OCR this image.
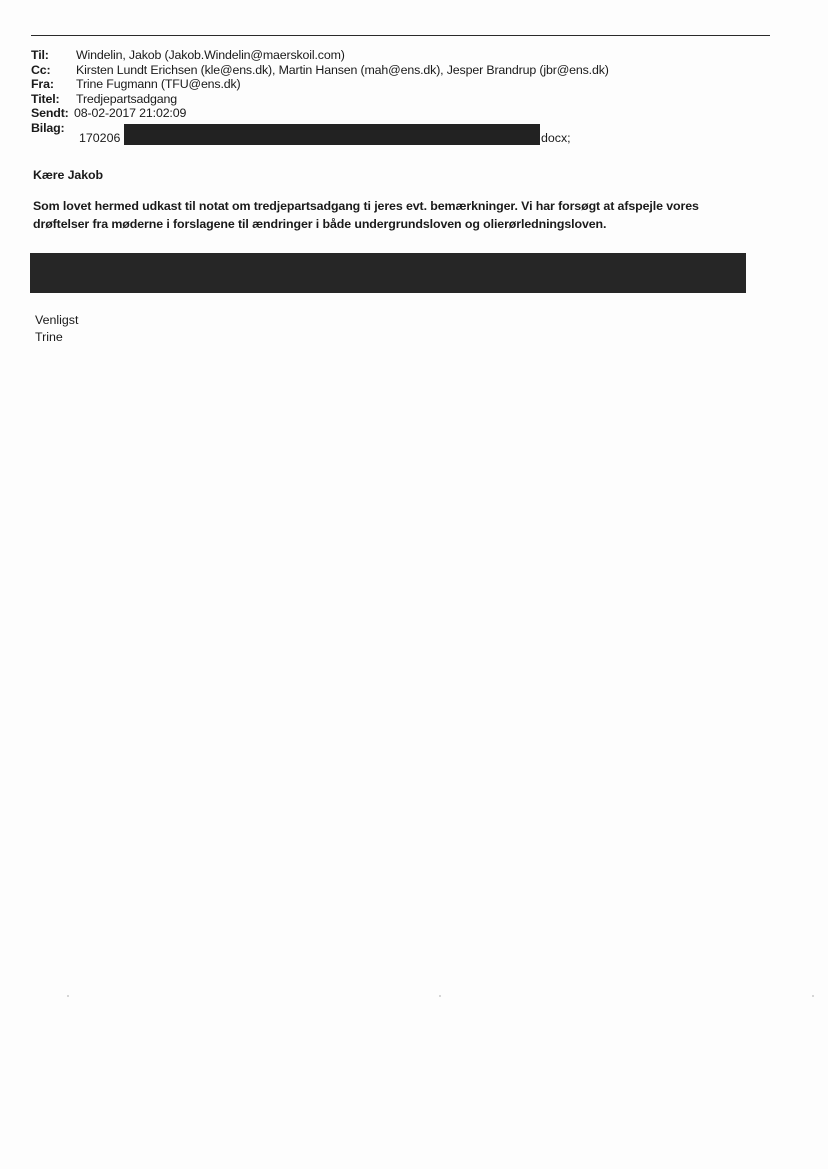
Til: Windelin, Jakob (Jakob.Windelin@maerskoil.com)
Cc: Kirsten Lundt Erichsen (kle@ens.dk), Martin Hansen (mah@ens.dk), Jesper Brandrup (jbr@ens.dk)
Fra: Trine Fugmann (TFU@ens.dk)
Titel: Tredjepartsadgang
Sendt: 08-02-2017 21:02:09
Bilag:
170206	docx;
Kære Jakob
Som lovet hermed udkast til notat om tredjepartsadgang ti jeres evt. bemærkninger. Vi har forsøgt at afspejle vores
drøftelser fra møderne i forslagene til ændringer i både undergrundsloven og olierørledningsloven.
Venligst
Trine
